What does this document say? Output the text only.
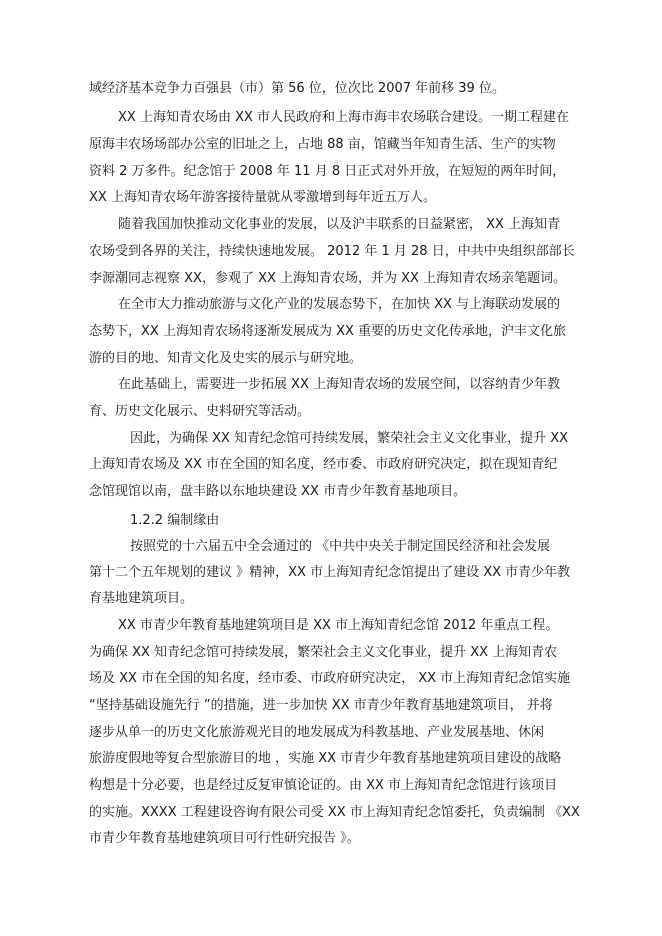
域经济基本竞争力百强县（市）第 56 位，位次比 2007 年前移 39 位。

XX 上海知青农场由 XX 市人民政府和上海市海丰农场联合建设。一期工程建在

原海丰农场场部办公室的旧址之上，占地 88 亩，馆藏当年知青生活、生产的实物

资料 2 万多件。纪念馆于 2008 年 11 月 8 日正式对外开放，在短短的两年时间，

XX 上海知青农场年游客接待量就从零激增到每年近五万人。

随着我国加快推动文化事业的发展，以及沪丰联系的日益紧密， XX 上海知青

农场受到各界的关注，持续快速地发展。 2012 年 1 月 28 日，中共中央组织部部长

李源潮同志视察 XX，参观了 XX 上海知青农场，并为 XX 上海知青农场亲笔题词。

在全市大力推动旅游与文化产业的发展态势下，在加快 XX 与上海联动发展的

态势下，XX 上海知青农场将逐渐发展成为 XX 重要的历史文化传承地，沪丰文化旅

游的目的地、知青文化及史实的展示与研究地。

在此基础上，需要进一步拓展 XX 上海知青农场的发展空间，以容纳青少年教

育、历史文化展示、史料研究等活动。

因此，为确保 XX 知青纪念馆可持续发展，繁荣社会主义文化事业，提升 XX

上海知青农场及 XX 市在全国的知名度，经市委、市政府研究决定，拟在现知青纪

念馆现馆以南，盘丰路以东地块建设 XX 市青少年教育基地项目。

1.2.2 编制缘由

按照党的十六届五中全会通过的 《中共中央关于制定国民经济和社会发展

第十二个五年规划的建议 》精神，XX 市上海知青纪念馆提出了建设 XX 市青少年教

育基地建筑项目。

XX 市青少年教育基地建筑项目是 XX 市上海知青纪念馆 2012 年重点工程。

为确保 XX 知青纪念馆可持续发展，繁荣社会主义文化事业，提升 XX 上海知青农

场及 XX 市在全国的知名度，经市委、市政府研究决定， XX 市上海知青纪念馆实施

“坚持基础设施先行 ”的措施，进一步加快 XX 市青少年教育基地建筑项目， 并将

逐步从单一的历史文化旅游观光目的地发展成为科教基地、产业发展基地、休闲

旅游度假地等复合型旅游目的地 ，实施 XX 市青少年教育基地建筑项目建设的战略

构想是十分必要，也是经过反复审慎论证的。由 XX 市上海知青纪念馆进行该项目

的实施。XXXX 工程建设咨询有限公司受 XX 市上海知青纪念馆委托，负责编制 《XX

市青少年教育基地建筑项目可行性研究报告 》。
